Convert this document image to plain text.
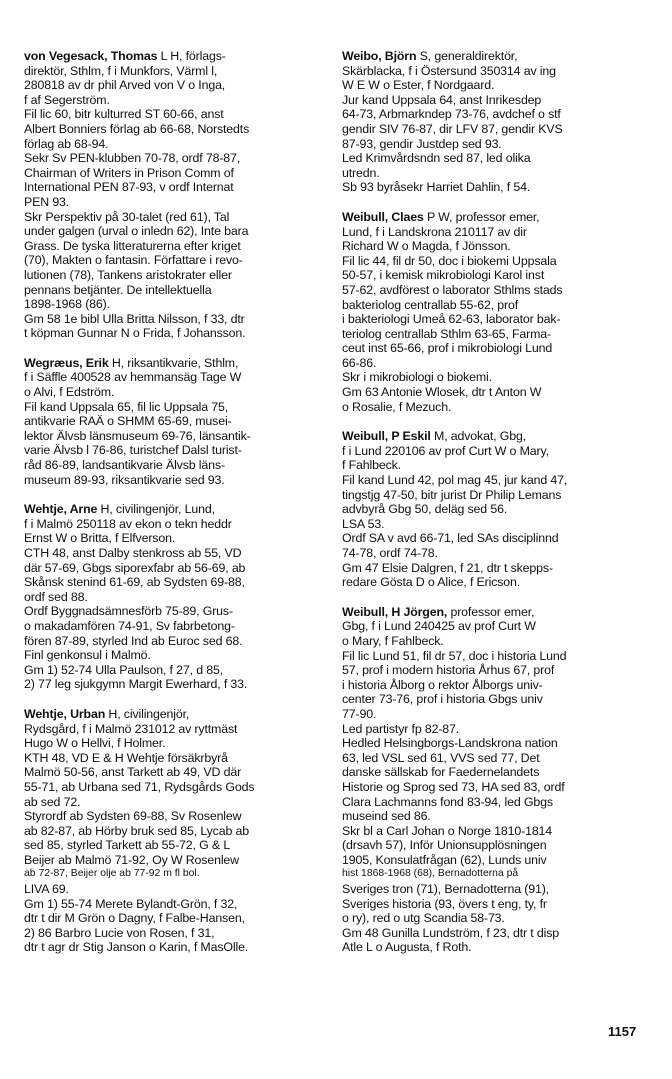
von Vegesack, Thomas L H, förlags-
direktör, Sthlm, f i Munkfors, Värml l,
280818 av dr phil Arved von V o Inga,
f af Segerström.
Fil lic 60, bitr kulturred ST 60-66, anst
Albert Bonniers förlag ab 66-68, Norstedts
förlag ab 68-94.
Sekr Sv PEN-klubben 70-78, ordf 78-87,
Chairman of Writers in Prison Comm of
International PEN 87-93, v ordf Internat
PEN 93.
Skr Perspektiv på 30-talet (red 61), Tal
under galgen (urval o inledn 62), Inte bara
Grass. De tyska litteraturerna efter kriget
(70), Makten o fantasin. Författare i revo-
lutionen (78), Tankens aristokrater eller
pennans betjänter. De intellektuella
1898-1968 (86).
Gm 58 1e bibl Ulla Britta Nilsson, f 33, dtr
t köpman Gunnar N o Frida, f Johansson.
Wegræus, Erik H, riksantikvarie, Sthlm,
f i Säffle 400528 av hemmansäg Tage W
o Alvi, f Edström.
Fil kand Uppsala 65, fil lic Uppsala 75,
antikvarie RAÄ o SHMM 65-69, musei-
lektor Älvsb länsmuseum 69-76, länsantik-
varie Älvsb l 76-86, turistchef Dalsl turist-
råd 86-89, landsantikvarie Älvsb läns-
museum 89-93, riksantikvarie sed 93.
Wehtje, Arne H, civilingenjör, Lund,
f i Malmö 250118 av ekon o tekn heddr
Ernst W o Britta, f Elfverson.
CTH 48, anst Dalby stenkross ab 55, VD
där 57-69, Gbgs siporexfabr ab 56-69, ab
Skånsk stenind 61-69, ab Sydsten 69-88,
ordf sed 88.
Ordf Byggnadsämnesförb 75-89, Grus-
o makadamfören 74-91, Sv fabrbetong-
fören 87-89, styrled Ind ab Euroc sed 68.
Finl genkonsul i Malmö.
Gm 1) 52-74 Ulla Paulson, f 27, d 85,
2) 77 leg sjukgymn Margit Ewerhard, f 33.
Wehtje, Urban H, civilingenjör,
Rydsgård, f i Malmö 231012 av ryttmäst
Hugo W o Hellvi, f Holmer.
KTH 48, VD E & H Wehtje försäkrbyrå
Malmö 50-56, anst Tarkett ab 49, VD där
55-71, ab Urbana sed 71, Rydsgårds Gods
ab sed 72.
Styrordf ab Sydsten 69-88, Sv Rosenlew
ab 82-87, ab Hörby bruk sed 85, Lycab ab
sed 85, styrled Tarkett ab 55-72, G & L
Beijer ab Malmö 71-92, Oy W Rosenlew
ab 72-87, Beijer olje ab 77-92 m fl bol.
LIVA 69.
Gm 1) 55-74 Merete Bylandt-Grön, f 32,
dtr t dir M Grön o Dagny, f Falbe-Hansen,
2) 86 Barbro Lucie von Rosen, f 31,
dtr t agr dr Stig Janson o Karin, f MasOlle.
Weibo, Björn S, generaldirektör,
Skärblacka, f i Östersund 350314 av ing
W E W o Ester, f Nordgaard.
Jur kand Uppsala 64, anst Inrikesdep
64-73, Arbmarkndep 73-76, avdchef o stf
gendir SIV 76-87, dir LFV 87, gendir KVS
87-93, gendir Justdep sed 93.
Led Krimvårdsndn sed 87, led olika
utredn.
Sb 93 byråsekr Harriet Dahlin, f 54.
Weibull, Claes P W, professor emer,
Lund, f i Landskrona 210117 av dir
Richard W o Magda, f Jönsson.
Fil lic 44, fil dr 50, doc i biokemi Uppsala
50-57, i kemisk mikrobiologi Karol inst
57-62, avdförest o laborator Sthlms stads
bakteriolog centrallab 55-62, prof
i bakteriologi Umeå 62-63, laborator bak-
teriolog centrallab Sthlm 63-65, Farma-
ceut inst 65-66, prof i mikrobiologi Lund
66-86.
Skr i mikrobiologi o biokemi.
Gm 63 Antonie Wlosek, dtr t Anton W
o Rosalie, f Mezuch.
Weibull, P Eskil M, advokat, Gbg,
f i Lund 220106 av prof Curt W o Mary,
f Fahlbeck.
Fil kand Lund 42, pol mag 45, jur kand 47,
tingstjg 47-50, bitr jurist Dr Philip Lemans
advbyrå Gbg 50, deläg sed 56.
LSA 53.
Ordf SA v avd 66-71, led SAs disciplinnd
74-78, ordf 74-78.
Gm 47 Elsie Dalgren, f 21, dtr t skepps-
redare Gösta D o Alice, f Ericson.
Weibull, H Jörgen, professor emer,
Gbg, f i Lund 240425 av prof Curt W
o Mary, f Fahlbeck.
Fil lic Lund 51, fil dr 57, doc i historia Lund
57, prof i modern historia Århus 67, prof
i historia Ålborg o rektor Ålborgs univ-
center 73-76, prof i historia Gbgs univ
77-90.
Led partistyr fp 82-87.
Hedled Helsingborgs-Landskrona nation
63, led VSL sed 61, VVS sed 77, Det
danske sällskab for Faedernelandets
Historie og Sprog sed 73, HA sed 83, ordf
Clara Lachmanns fond 83-94, led Gbgs
museind sed 86.
Skr bl a Carl Johan o Norge 1810-1814
(drsavh 57), Inför Unionsupplösningen
1905, Konsulatfrågan (62), Lunds univ
hist 1868-1968 (68), Bernadotterna på
Sveriges tron (71), Bernadotterna (91),
Sveriges historia (93, övers t eng, ty, fr
o ry), red o utg Scandia 58-73.
Gm 48 Gunilla Lundström, f 23, dtr t disp
Atle L o Augusta, f Roth.
1157
